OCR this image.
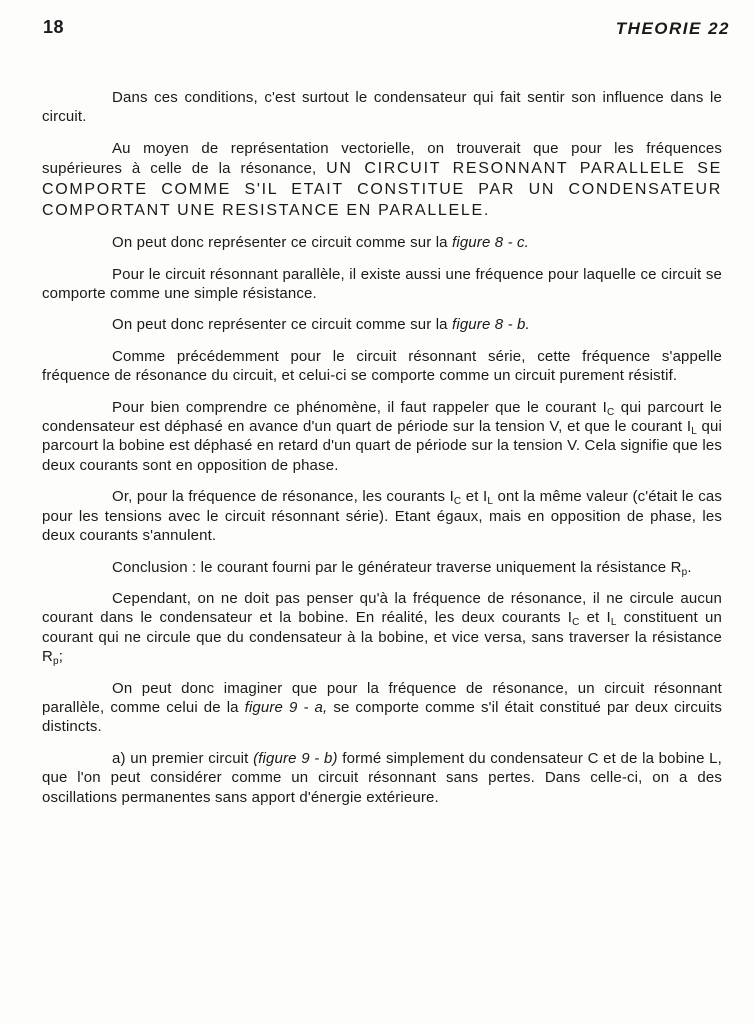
18	THEORIE 22

Dans ces conditions, c'est surtout le condensateur qui fait sentir son influence dans le circuit.

Au moyen de représentation vectorielle, on trouverait que pour les fréquences supérieures à celle de la résonance, UN CIRCUIT RESONNANT PARALLELE SE COMPORTE COMME S'IL ETAIT CONSTITUE PAR UN CONDENSATEUR COMPORTANT UNE RESISTANCE EN PARALLELE.

On peut donc représenter ce circuit comme sur la figure 8 - c.

Pour le circuit résonnant parallèle, il existe aussi une fréquence pour laquelle ce circuit se comporte comme une simple résistance.

On peut donc représenter ce circuit comme sur la figure 8 - b.

Comme précédemment pour le circuit résonnant série, cette fréquence s'appelle fréquence de résonance du circuit, et celui-ci se comporte comme un circuit purement résistif.

Pour bien comprendre ce phénomène, il faut rappeler que le courant $I_C$ qui parcourt le condensateur est déphasé en avance d'un quart de période sur la tension V, et que le courant $I_L$ qui parcourt la bobine est déphasé en retard d'un quart de période sur la tension V. Cela signifie que les deux courants sont en opposition de phase.

Or, pour la fréquence de résonance, les courants $I_C$ et $I_L$ ont la même valeur (c'était le cas pour les tensions avec le circuit résonnant série). Etant égaux, mais en opposition de phase, les deux courants s'annulent.

Conclusion : le courant fourni par le générateur traverse uniquement la résistance $R_p$.

Cependant, on ne doit pas penser qu'à la fréquence de résonance, il ne circule aucun courant dans le condensateur et la bobine. En réalité, les deux courants $I_C$ et $I_L$ constituent un courant qui ne circule que du condensateur à la bobine, et vice versa, sans traverser la résistance $R_p$;

On peut donc imaginer que pour la fréquence de résonance, un circuit résonnant parallèle, comme celui de la figure 9 - a, se comporte comme s'il était constitué par deux circuits distincts.

a) un premier circuit (figure 9 - b) formé simplement du condensateur C et de la bobine L, que l'on peut considérer comme un circuit résonnant sans pertes. Dans celle-ci, on a des oscillations permanentes sans apport d'énergie extérieure.
